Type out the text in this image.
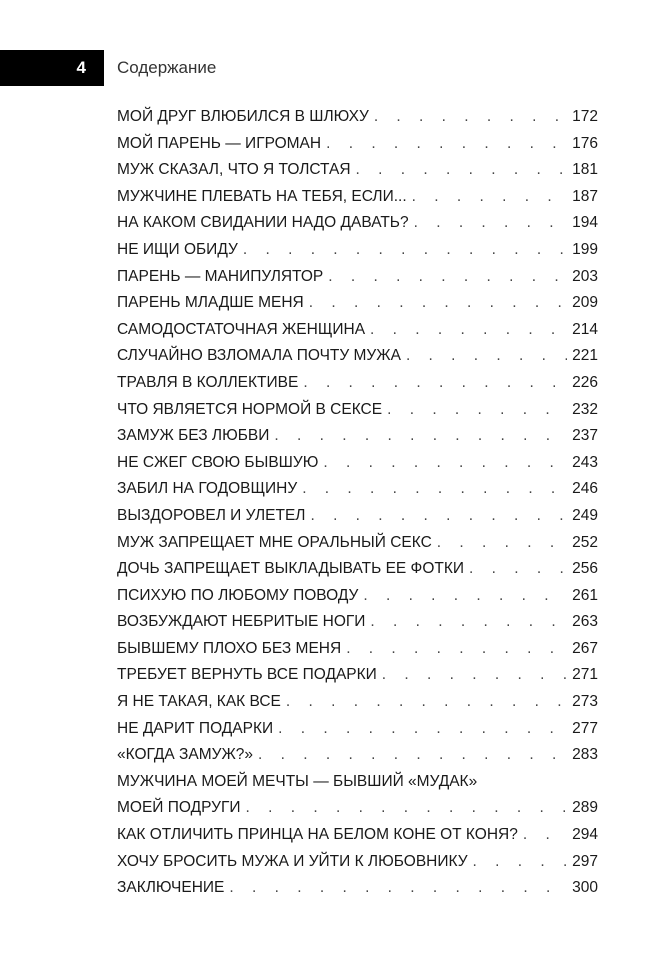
4	Содержание
МОЙ ДРУГ ВЛЮБИЛСЯ В ШЛЮХУ . . .	172
МОЙ ПАРЕНЬ — ИГРОМАН . . .	176
МУЖ СКАЗАЛ, ЧТО Я ТОЛСТАЯ . . .	181
МУЖЧИНЕ ПЛЕВАТЬ НА ТЕБЯ, ЕСЛИ... . . .	187
НА КАКОМ СВИДАНИИ НАДО ДАВАТЬ? . . .	194
НЕ ИЩИ ОБИДУ . . .	199
ПАРЕНЬ — МАНИПУЛЯТОР . . .	203
ПАРЕНЬ МЛАДШЕ МЕНЯ . . .	209
САМОДОСТАТОЧНАЯ ЖЕНЩИНА . . .	214
СЛУЧАЙНО ВЗЛОМАЛА ПОЧТУ МУЖА . . .	221
ТРАВЛЯ В КОЛЛЕКТИВЕ . . .	226
ЧТО ЯВЛЯЕТСЯ НОРМОЙ В СЕКСЕ . . .	232
ЗАМУЖ БЕЗ ЛЮБВИ . . .	237
НЕ СЖЕГ СВОЮ БЫВШУЮ . . .	243
ЗАБИЛ НА ГОДОВЩИНУ . . .	246
ВЫЗДОРОВЕЛ И УЛЕТЕЛ . . .	249
МУЖ ЗАПРЕЩАЕТ МНЕ ОРАЛЬНЫЙ СЕКС . . .	252
ДОЧЬ ЗАПРЕЩАЕТ ВЫКЛАДЫВАТЬ ЕЕ ФОТКИ . . .	256
ПСИХУЮ ПО ЛЮБОМУ ПОВОДУ . . .	261
ВОЗБУЖДАЮТ НЕБРИТЫЕ НОГИ . . .	263
БЫВШЕМУ ПЛОХО БЕЗ МЕНЯ . . .	267
ТРЕБУЕТ ВЕРНУТЬ ВСЕ ПОДАРКИ . . .	271
Я НЕ ТАКАЯ, КАК ВСЕ . . .	273
НЕ ДАРИТ ПОДАРКИ . . .	277
«КОГДА ЗАМУЖ?» . . .	283
МУЖЧИНА МОЕЙ МЕЧТЫ — БЫВШИЙ «МУДАК»
МОЕЙ ПОДРУГИ . . .	289
КАК ОТЛИЧИТЬ ПРИНЦА НА БЕЛОМ КОНЕ ОТ КОНЯ? . . .	294
ХОЧУ БРОСИТЬ МУЖА И УЙТИ К ЛЮБОВНИКУ . . .	297
ЗАКЛЮЧЕНИЕ . . .	300
